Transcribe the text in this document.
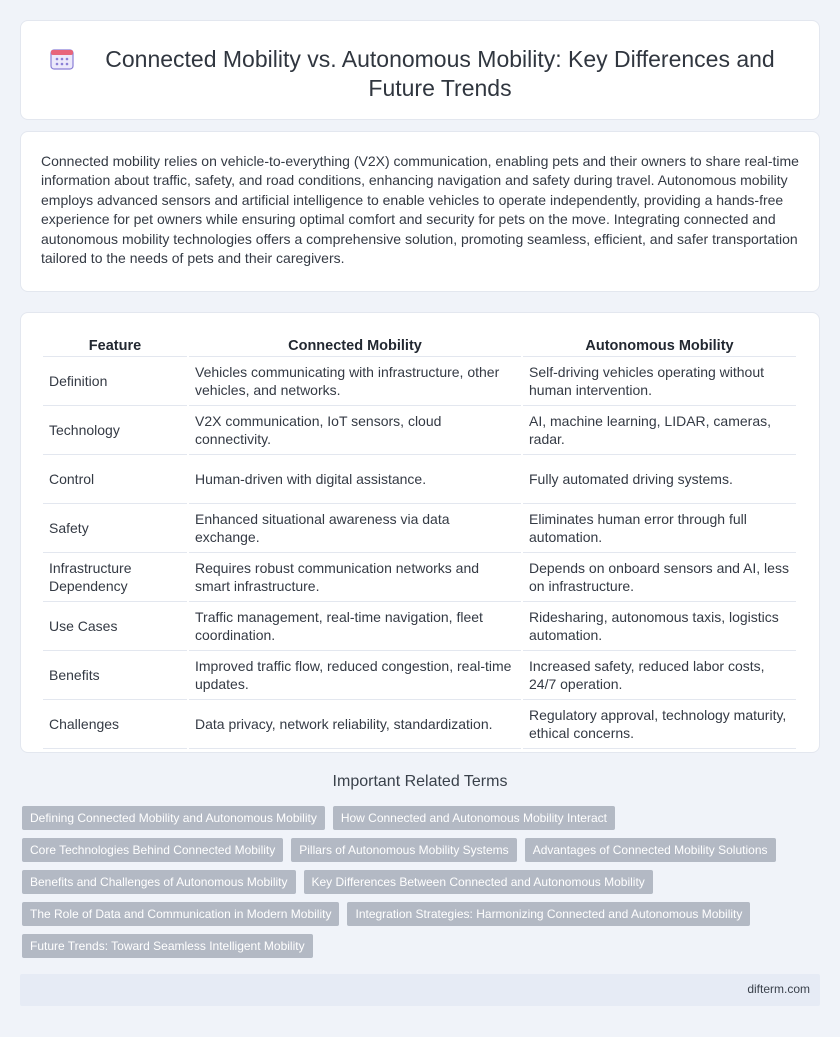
Connected Mobility vs. Autonomous Mobility: Key Differences and Future Trends

Connected mobility relies on vehicle-to-everything (V2X) communication, enabling pets and their owners to share real-time information about traffic, safety, and road conditions, enhancing navigation and safety during travel. Autonomous mobility employs advanced sensors and artificial intelligence to enable vehicles to operate independently, providing a hands-free experience for pet owners while ensuring optimal comfort and security for pets on the move. Integrating connected and autonomous mobility technologies offers a comprehensive solution, promoting seamless, efficient, and safer transportation tailored to the needs of pets and their caregivers.

Feature	Connected Mobility	Autonomous Mobility
Definition	Vehicles communicating with infrastructure, other vehicles, and networks.	Self-driving vehicles operating without human intervention.
Technology	V2X communication, IoT sensors, cloud connectivity.	AI, machine learning, LIDAR, cameras, radar.
Control	Human-driven with digital assistance.	Fully automated driving systems.
Safety	Enhanced situational awareness via data exchange.	Eliminates human error through full automation.
Infrastructure Dependency	Requires robust communication networks and smart infrastructure.	Depends on onboard sensors and AI, less on infrastructure.
Use Cases	Traffic management, real-time navigation, fleet coordination.	Ridesharing, autonomous taxis, logistics automation.
Benefits	Improved traffic flow, reduced congestion, real-time updates.	Increased safety, reduced labor costs, 24/7 operation.
Challenges	Data privacy, network reliability, standardization.	Regulatory approval, technology maturity, ethical concerns.
Important Related Terms
Defining Connected Mobility and Autonomous Mobility	How Connected and Autonomous Mobility Interact
Core Technologies Behind Connected Mobility	Pillars of Autonomous Mobility Systems	Advantages of Connected Mobility Solutions
Benefits and Challenges of Autonomous Mobility	Key Differences Between Connected and Autonomous Mobility
The Role of Data and Communication in Modern Mobility	Integration Strategies: Harmonizing Connected and Autonomous Mobility
Future Trends: Toward Seamless Intelligent Mobility
difterm.com
